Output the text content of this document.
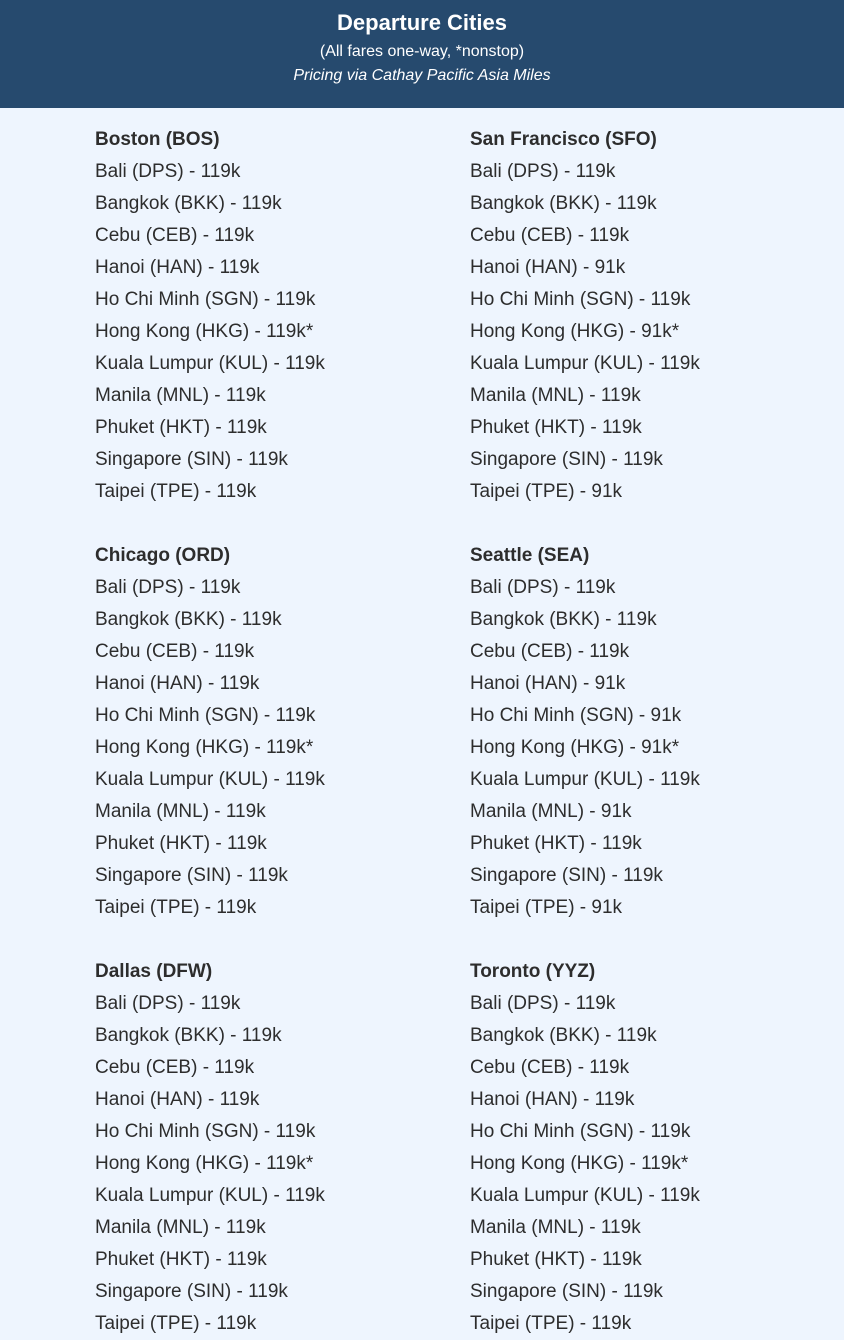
Departure Cities
(All fares one-way, *nonstop)
Pricing via Cathay Pacific Asia Miles
Boston (BOS)
Bali (DPS) - 119k
Bangkok (BKK) - 119k
Cebu (CEB) - 119k
Hanoi (HAN) - 119k
Ho Chi Minh (SGN) - 119k
Hong Kong (HKG) - 119k*
Kuala Lumpur (KUL) - 119k
Manila (MNL) - 119k
Phuket (HKT) - 119k
Singapore (SIN) - 119k
Taipei (TPE) - 119k
San Francisco (SFO)
Bali (DPS) - 119k
Bangkok (BKK) - 119k
Cebu (CEB) - 119k
Hanoi (HAN) - 91k
Ho Chi Minh (SGN) - 119k
Hong Kong (HKG) - 91k*
Kuala Lumpur (KUL) - 119k
Manila (MNL) - 119k
Phuket (HKT) - 119k
Singapore (SIN) - 119k
Taipei (TPE) - 91k
Chicago (ORD)
Bali (DPS) - 119k
Bangkok (BKK) - 119k
Cebu (CEB) - 119k
Hanoi (HAN) - 119k
Ho Chi Minh (SGN) - 119k
Hong Kong (HKG) - 119k*
Kuala Lumpur (KUL) - 119k
Manila (MNL) - 119k
Phuket (HKT) - 119k
Singapore (SIN) - 119k
Taipei (TPE) - 119k
Seattle (SEA)
Bali (DPS) - 119k
Bangkok (BKK) - 119k
Cebu (CEB) - 119k
Hanoi (HAN) - 91k
Ho Chi Minh (SGN) - 91k
Hong Kong (HKG) - 91k*
Kuala Lumpur (KUL) - 119k
Manila (MNL) - 91k
Phuket (HKT) - 119k
Singapore (SIN) - 119k
Taipei (TPE) - 91k
Dallas (DFW)
Bali (DPS) - 119k
Bangkok (BKK) - 119k
Cebu (CEB) - 119k
Hanoi (HAN) - 119k
Ho Chi Minh (SGN) - 119k
Hong Kong (HKG) - 119k*
Kuala Lumpur (KUL) - 119k
Manila (MNL) - 119k
Phuket (HKT) - 119k
Singapore (SIN) - 119k
Taipei (TPE) - 119k
Toronto (YYZ)
Bali (DPS) - 119k
Bangkok (BKK) - 119k
Cebu (CEB) - 119k
Hanoi (HAN) - 119k
Ho Chi Minh (SGN) - 119k
Hong Kong (HKG) - 119k*
Kuala Lumpur (KUL) - 119k
Manila (MNL) - 119k
Phuket (HKT) - 119k
Singapore (SIN) - 119k
Taipei (TPE) - 119k
